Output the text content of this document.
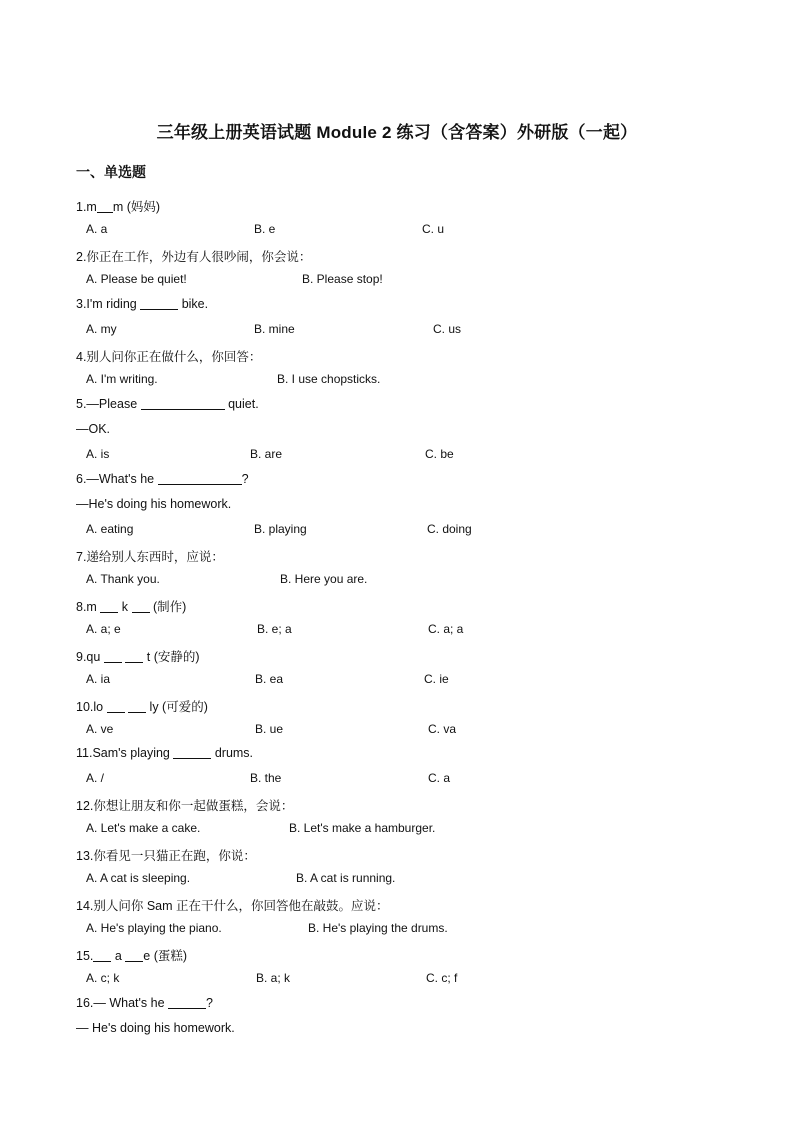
三年级上册英语试题 Module 2 练习（含答案）外研版（一起）
一、单选题
1.m m (妈妈)
A. a	B. e	C. u
2.你正在工作，外边有人很吵闹，你会说：
A. Please be quiet!	B. Please stop!
3.I'm riding	bike.
A. my	B. mine	C. us
4.别人问你正在做什么，你回答：
A. I'm writing.	B. I use chopsticks.
5.—Please	quiet.
—OK.
A. is	B. are	C. be
6.—What's he	?
—He's doing his homework.
A. eating	B. playing	C. doing
7.递给别人东西时，应说：
A. Thank you.	B. Here you are.
8.m  k  (制作)
A. a; e	B. e; a	C. a; a
9.qu	t (安静的)
A. ia	B. ea	C. ie
10.lo	ly (可爱的)
A. ve	B. ue	C. va
11.Sam's playing	drums.
A. /	B. the	C. a
12.你想让朋友和你一起做蛋糕，会说：
A. Let's make a cake.	B. Let's make a hamburger.
13.你看见一只猫正在跑，你说：
A. A cat is sleeping.	B. A cat is running.
14.别人问你 Sam 正在干什么，你回答他在敲鼓。应说：
A. He's playing the piano.	B. He's playing the drums.
15. a e (蛋糕)
A. c; k	B. a; k	C. c; f
16.— What's he	?
— He's doing his homework.
